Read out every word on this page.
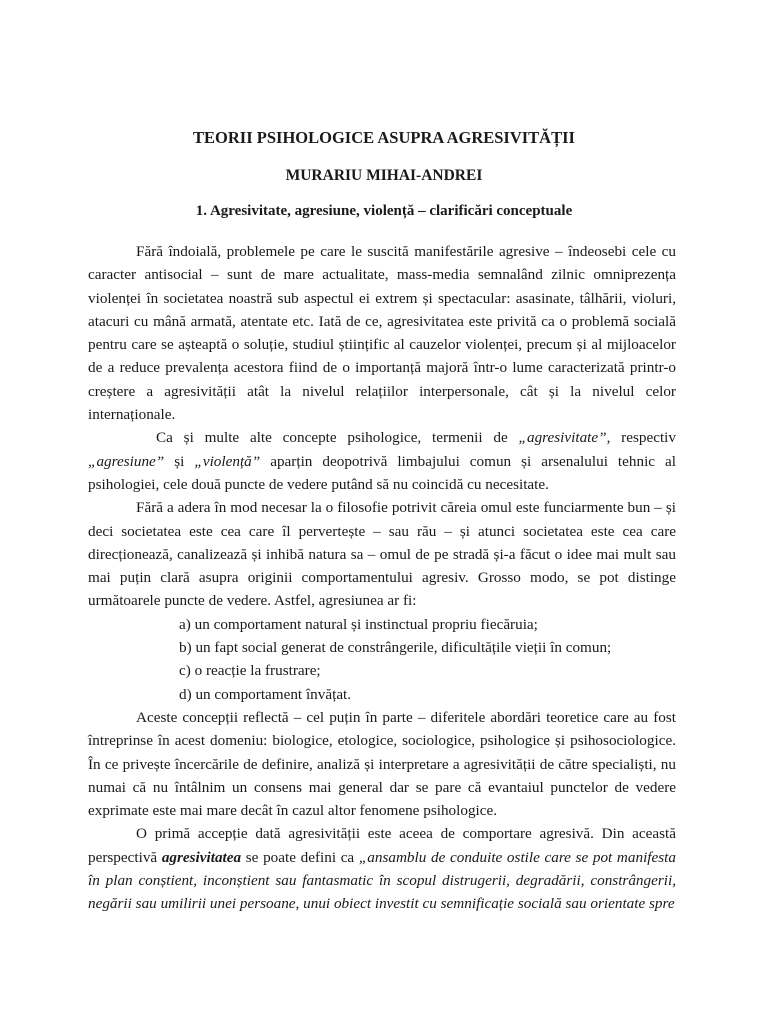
TEORII PSIHOLOGICE ASUPRA AGRESIVITĂȚII
MURARIU MIHAI-ANDREI
1. Agresivitate, agresiune, violență – clarificări conceptuale

Fără îndoială, problemele pe care le suscită manifestările agresive – îndeosebi cele cu caracter antisocial – sunt de mare actualitate, mass-media semnalând zilnic omniprezența violenței în societatea noastră sub aspectul ei extrem și spectacular: asasinate, tâlhării, violuri, atacuri cu mână armată, atentate etc. Iată de ce, agresivitatea este privită ca o problemă socială pentru care se așteaptă o soluție, studiul științific al cauzelor violenței, precum și al mijloacelor de a reduce prevalența acestora fiind de o importanță majoră într-o lume caracterizată printr-o creștere a agresivității atât la nivelul relațiilor interpersonale, cât și la nivelul celor internaționale.

Ca și multe alte concepte psihologice, termenii de „agresivitate”, respectiv „agresiune” și „violență” aparțin deopotrivă limbajului comun și arsenalului tehnic al psihologiei, cele două puncte de vedere putând să nu coincidă cu necesitate.

Fără a adera în mod necesar la o filosofie potrivit căreia omul este funciarmente bun – și deci societatea este cea care îl pervertește – sau rău – și atunci societatea este cea care direcționează, canalizează și inhibă natura sa – omul de pe stradă și-a făcut o idee mai mult sau mai puțin clară asupra originii comportamentului agresiv. Grosso modo, se pot distinge următoarele puncte de vedere. Astfel, agresiunea ar fi:

a) un comportament natural și instinctual propriu fiecăruia;
b) un fapt social generat de constrângerile, dificultățile vieții în comun;
c) o reacție la frustrare;
d) un comportament învățat.

Aceste concepții reflectă – cel puțin în parte – diferitele abordări teoretice care au fost întreprinse în acest domeniu: biologice, etologice, sociologice, psihologice și psihosociologice. În ce privește încercările de definire, analiză și interpretare a agresivității de către specialiști, nu numai că nu întâlnim un consens mai general dar se pare că evantaiul punctelor de vedere exprimate este mai mare decât în cazul altor fenomene psihologice.

O primă accepție dată agresivității este aceea de comportare agresivă. Din această perspectivă agresivitatea se poate defini ca „ansamblu de conduite ostile care se pot manifesta în plan conștient, inconștient sau fantasmatic în scopul distrugerii, degradării, constrângerii, negării sau umilirii unei persoane, unui obiect investit cu semnificație socială sau orientate spre
